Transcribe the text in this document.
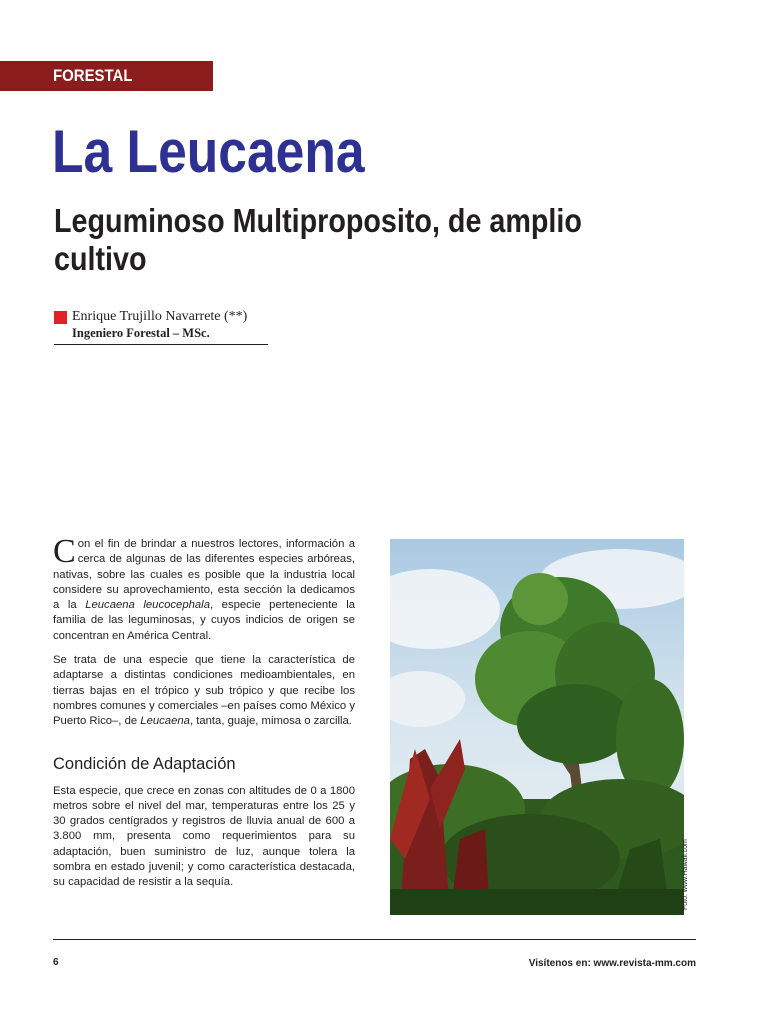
FORESTAL
La Leucaena
Leguminoso Multiproposito, de amplio cultivo
Enrique Trujillo Navarrete (**)
Ingeniero Forestal – MSc.

Con el fin de brindar a nuestros lectores, información a cerca de algunas de las diferentes especies arbóreas, nativas, sobre las cuales es posible que la industria local considere su aprovechamiento, esta sección la dedicamos a la Leucaena leucocephala, especie perteneciente la familia de las leguminosas, y cuyos indicios de origen se concentran en América Central.

Se trata de una especie que tiene la característica de adaptarse a distintas condiciones medioambientales, en tierras bajas en el trópico y sub trópico y que recibe los nombres comunes y comerciales –en países como México y Puerto Rico–, de Leucaena, tanta, guaje, mimosa o zarcilla.

Condición de Adaptación

Esta especie, que crece en zonas con altitudes de 0 a 1800 metros sobre el nivel del mar, temperaturas entre los 25 y 30 grados centígrados y registros de lluvia anual de 600 a 3.800 mm, presenta como requerimientos para su adaptación, buen suministro de luz, aunque tolera la sombra en estado juvenil; y como característica destacada, su capacidad de resistir a la sequía.	Foto: www.Hawaii.com
6	Visítenos en: www.revista-mm.com
